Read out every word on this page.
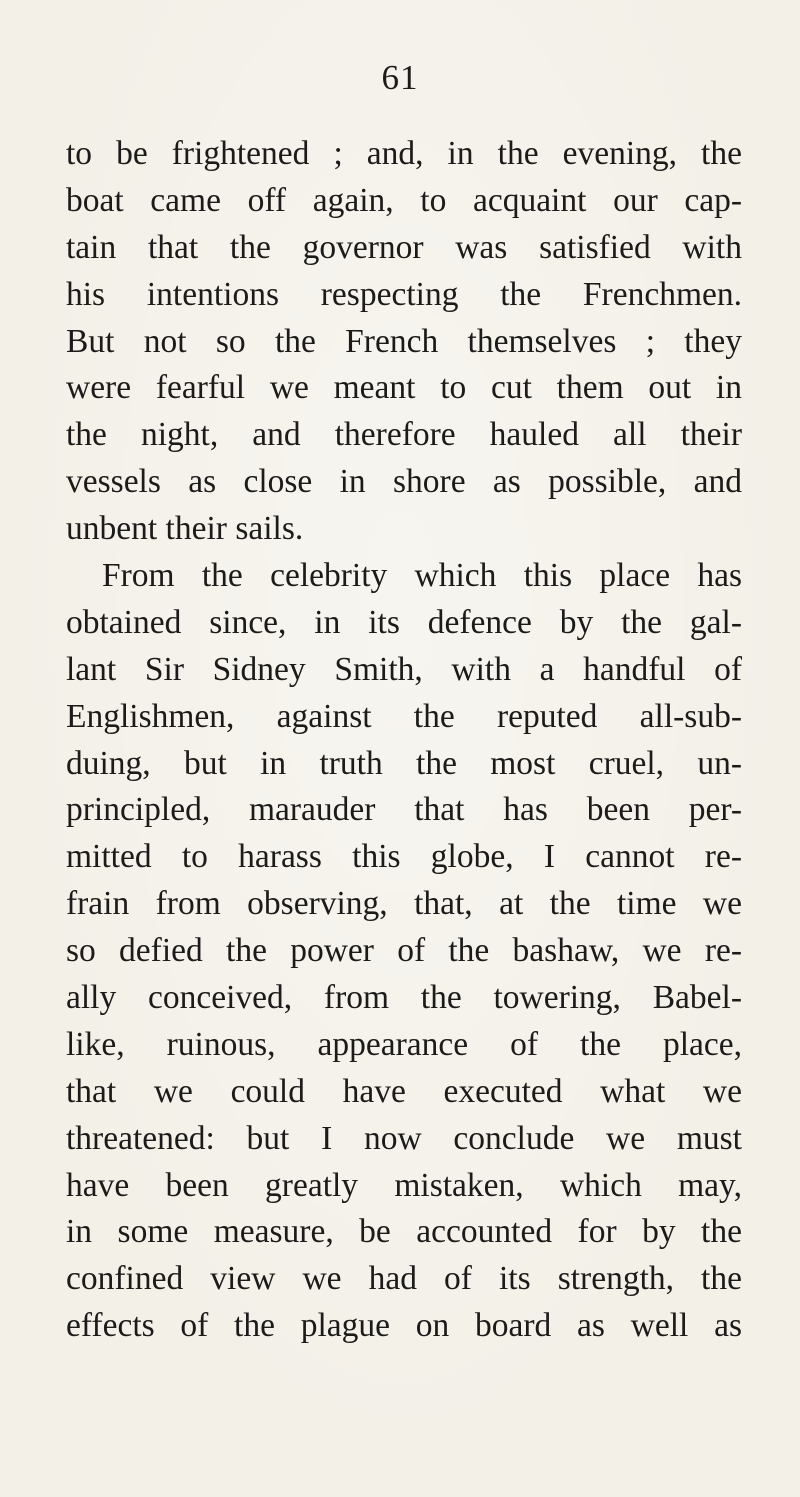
61
to be frightened ; and, in the evening, the
boat came off again, to acquaint our cap-
tain that the governor was satisfied with
his intentions respecting the Frenchmen.
But not so the French themselves ; they
were fearful we meant to cut them out in
the night, and therefore hauled all their
vessels as close in shore as possible, and
unbent their sails.
From the celebrity which this place has
obtained since, in its defence by the gal-
lant Sir Sidney Smith, with a handful of
Englishmen, against the reputed all-sub-
duing, but in truth the most cruel, un-
principled, marauder that has been per-
mitted to harass this globe, I cannot re-
frain from observing, that, at the time we
so defied the power of the bashaw, we re-
ally conceived, from the towering, Babel-
like, ruinous, appearance of the place,
that we could have executed what we
threatened: but I now conclude we must
have been greatly mistaken, which may,
in some measure, be accounted for by the
confined view we had of its strength, the
effects of the plague on board as well as
